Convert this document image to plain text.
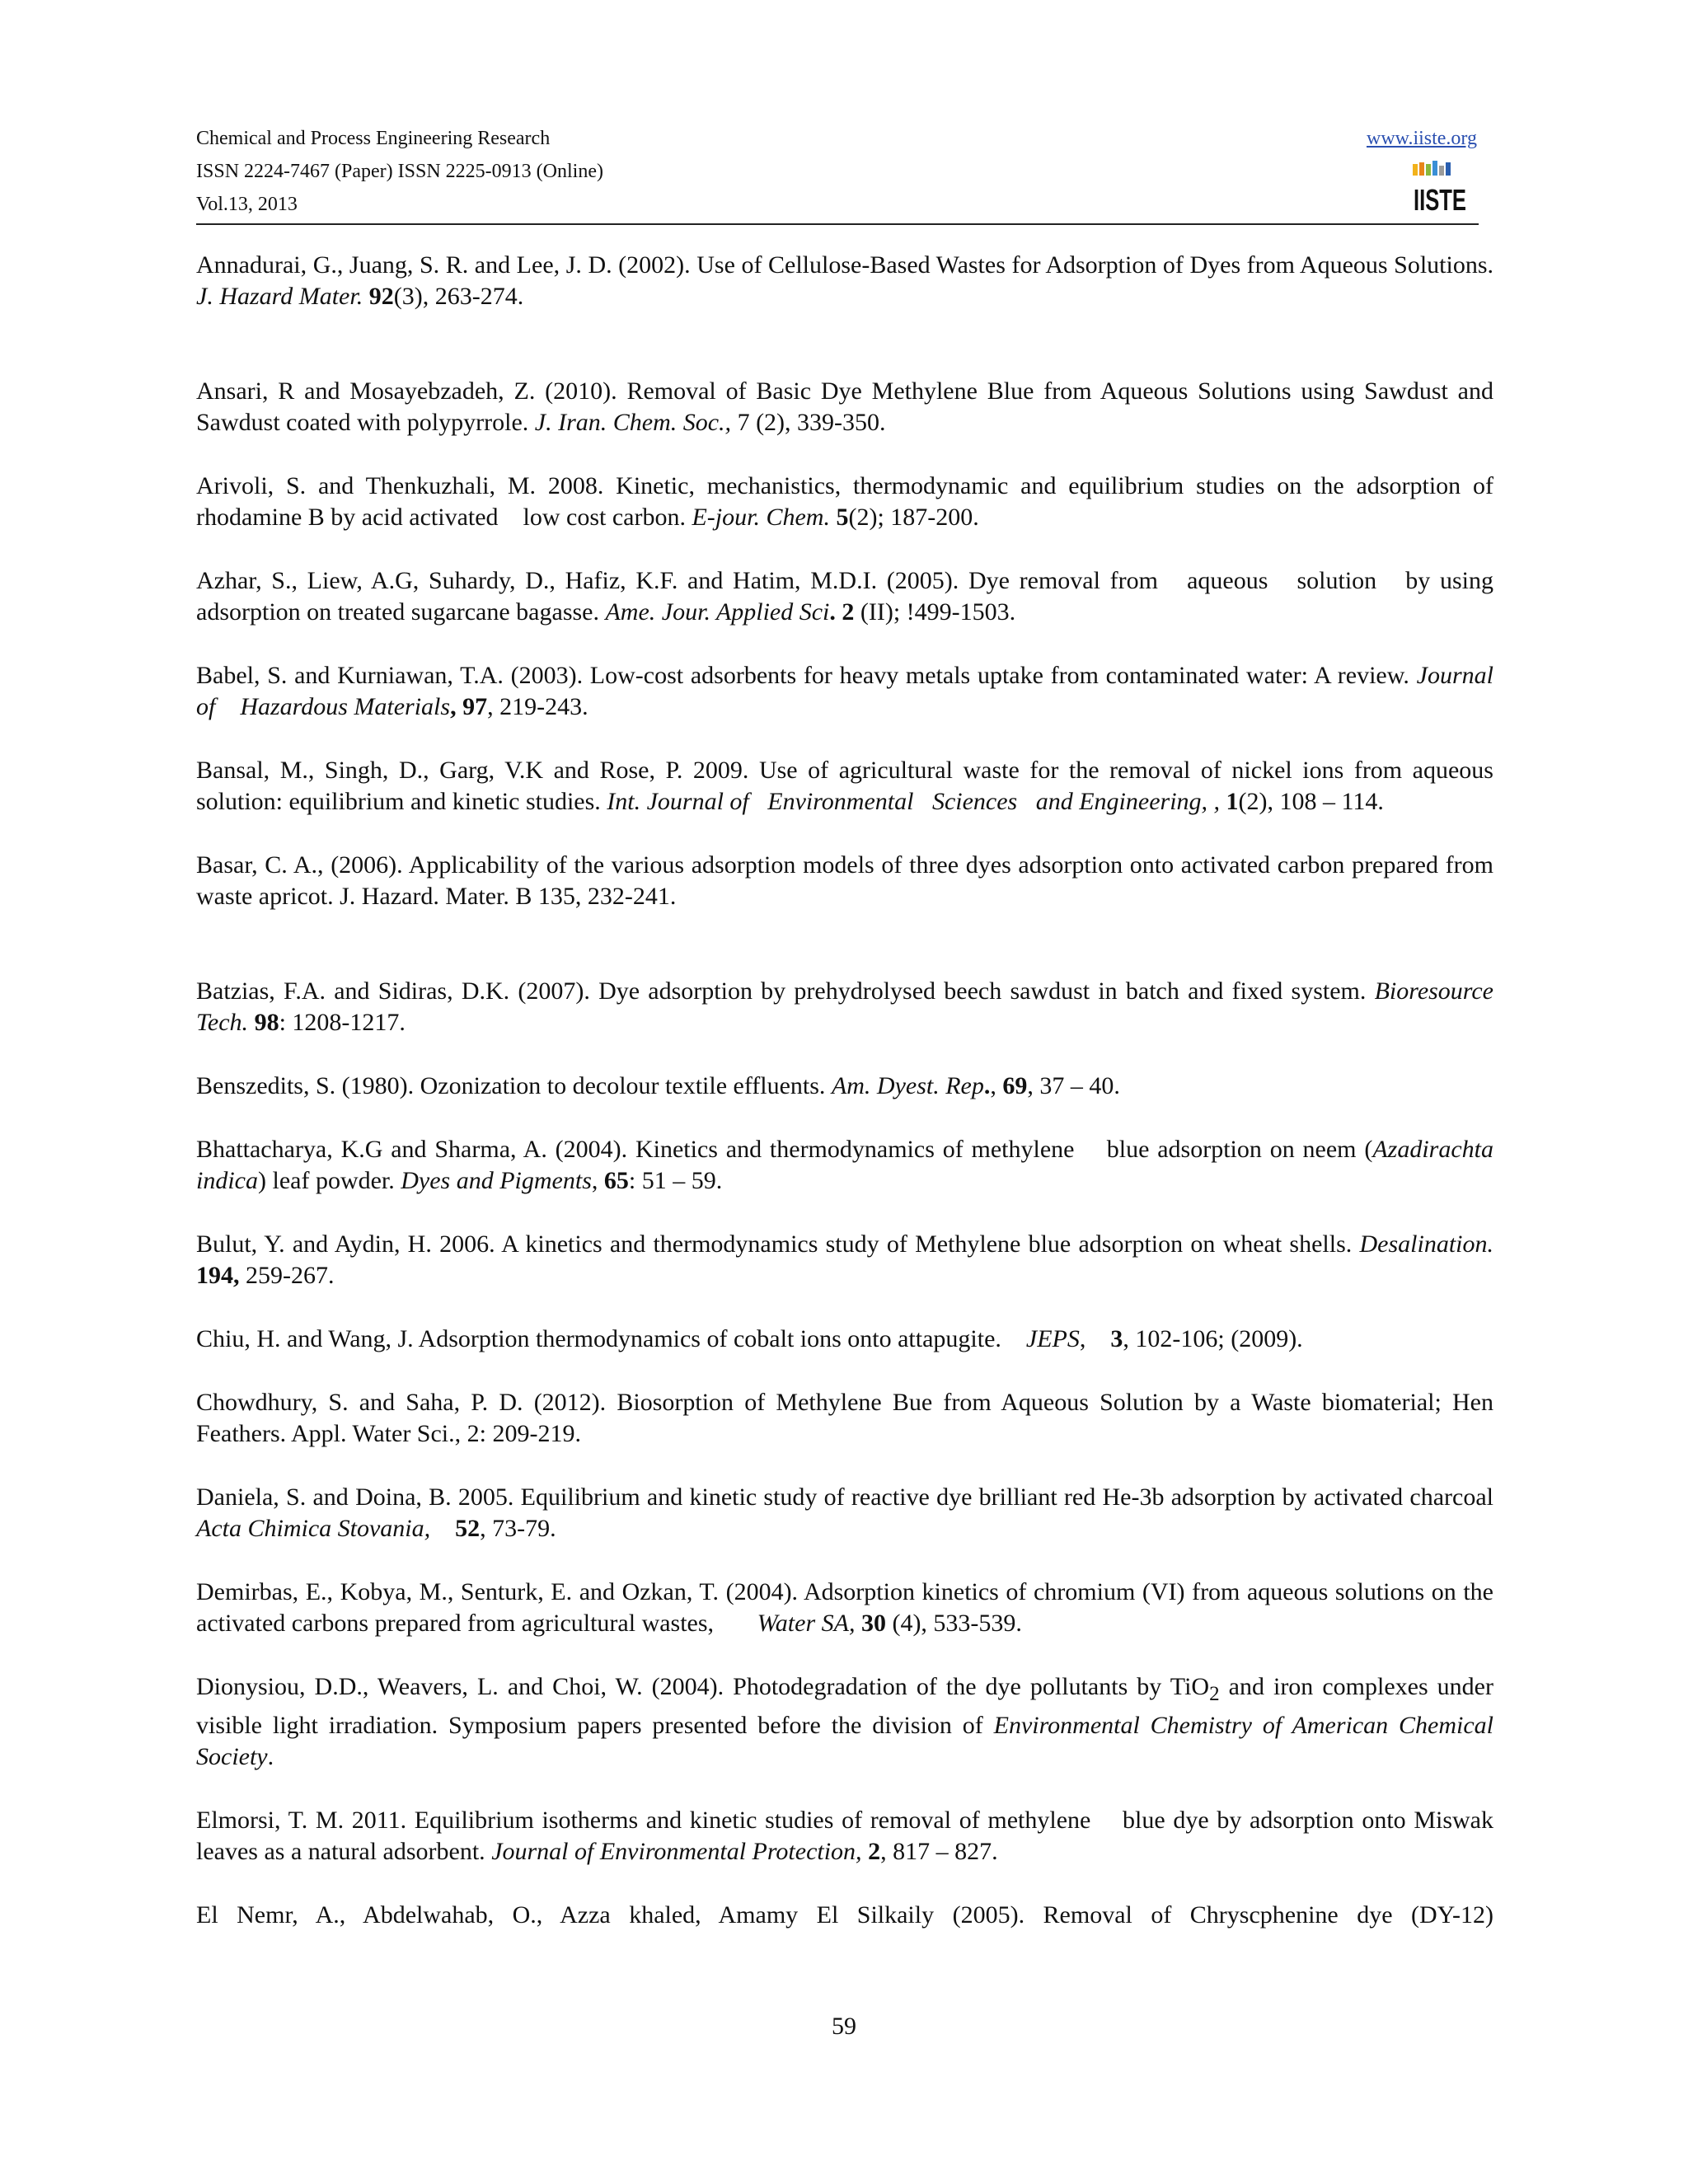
Chemical and Process Engineering Research
ISSN 2224-7467 (Paper) ISSN 2225-0913 (Online)
Vol.13, 2013
www.iiste.org
IISTE

Annadurai, G., Juang, S. R. and Lee, J. D. (2002). Use of Cellulose-Based Wastes for Adsorption of Dyes from Aqueous Solutions. J. Hazard Mater. 92(3), 263-274.

Ansari, R and Mosayebzadeh, Z. (2010). Removal of Basic Dye Methylene Blue from Aqueous Solutions using Sawdust and Sawdust coated with polypyrrole. J. Iran. Chem. Soc., 7 (2), 339-350.

Arivoli, S. and Thenkuzhali, M. 2008. Kinetic, mechanistics, thermodynamic and equilibrium studies on the adsorption of rhodamine B by acid activated    low cost carbon. E-jour. Chem. 5(2); 187-200.

Azhar, S., Liew, A.G, Suhardy, D., Hafiz, K.F. and Hatim, M.D.I. (2005). Dye removal from   aqueous   solution   by using adsorption on treated sugarcane bagasse. Ame. Jour. Applied Sci. 2 (II); !499-1503.

Babel, S. and Kurniawan, T.A. (2003). Low-cost adsorbents for heavy metals uptake from contaminated water: A review. Journal of    Hazardous Materials, 97, 219-243.

Bansal, M., Singh, D., Garg, V.K and Rose, P. 2009. Use of agricultural waste for the removal of nickel ions from aqueous solution: equilibrium and kinetic studies. Int. Journal of   Environmental   Sciences   and Engineering, , 1(2), 108 – 114.

Basar, C. A., (2006). Applicability of the various adsorption models of three dyes adsorption onto activated carbon prepared from waste apricot. J. Hazard. Mater. B 135, 232-241.

Batzias, F.A. and Sidiras, D.K. (2007). Dye adsorption by prehydrolysed beech sawdust in batch and fixed system. Bioresource Tech. 98: 1208-1217.

Benszedits, S. (1980). Ozonization to decolour textile effluents. Am. Dyest. Rep., 69, 37 – 40.

Bhattacharya, K.G and Sharma, A. (2004). Kinetics and thermodynamics of methylene    blue adsorption on neem (Azadirachta indica) leaf powder. Dyes and Pigments, 65: 51 – 59.

Bulut, Y. and Aydin, H. 2006. A kinetics and thermodynamics study of Methylene blue adsorption on wheat shells. Desalination. 194, 259-267.

Chiu, H. and Wang, J. Adsorption thermodynamics of cobalt ions onto attapugite.    JEPS,    3, 102-106; (2009).

Chowdhury, S. and Saha, P. D. (2012). Biosorption of Methylene Bue from Aqueous Solution by a Waste biomaterial; Hen Feathers. Appl. Water Sci., 2: 209-219.

Daniela, S. and Doina, B. 2005. Equilibrium and kinetic study of reactive dye brilliant red He-3b adsorption by activated charcoal Acta Chimica Stovania,    52, 73-79.

Demirbas, E., Kobya, M., Senturk, E. and Ozkan, T. (2004). Adsorption kinetics of chromium (VI) from aqueous solutions on the activated carbons prepared from agricultural wastes,       Water SA, 30 (4), 533-539.

Dionysiou, D.D., Weavers, L. and Choi, W. (2004). Photodegradation of the dye pollutants by TiO$_2$ and iron complexes under visible light irradiation. Symposium papers presented before the division of Environmental Chemistry of American Chemical Society.

Elmorsi, T. M. 2011. Equilibrium isotherms and kinetic studies of removal of methylene    blue dye by adsorption onto Miswak leaves as a natural adsorbent. Journal of Environmental Protection, 2, 817 – 827.

El Nemr, A., Abdelwahab, O., Azza khaled, Amamy El Silkaily (2005). Removal of Chryscphenine dye (DY-12)

59
